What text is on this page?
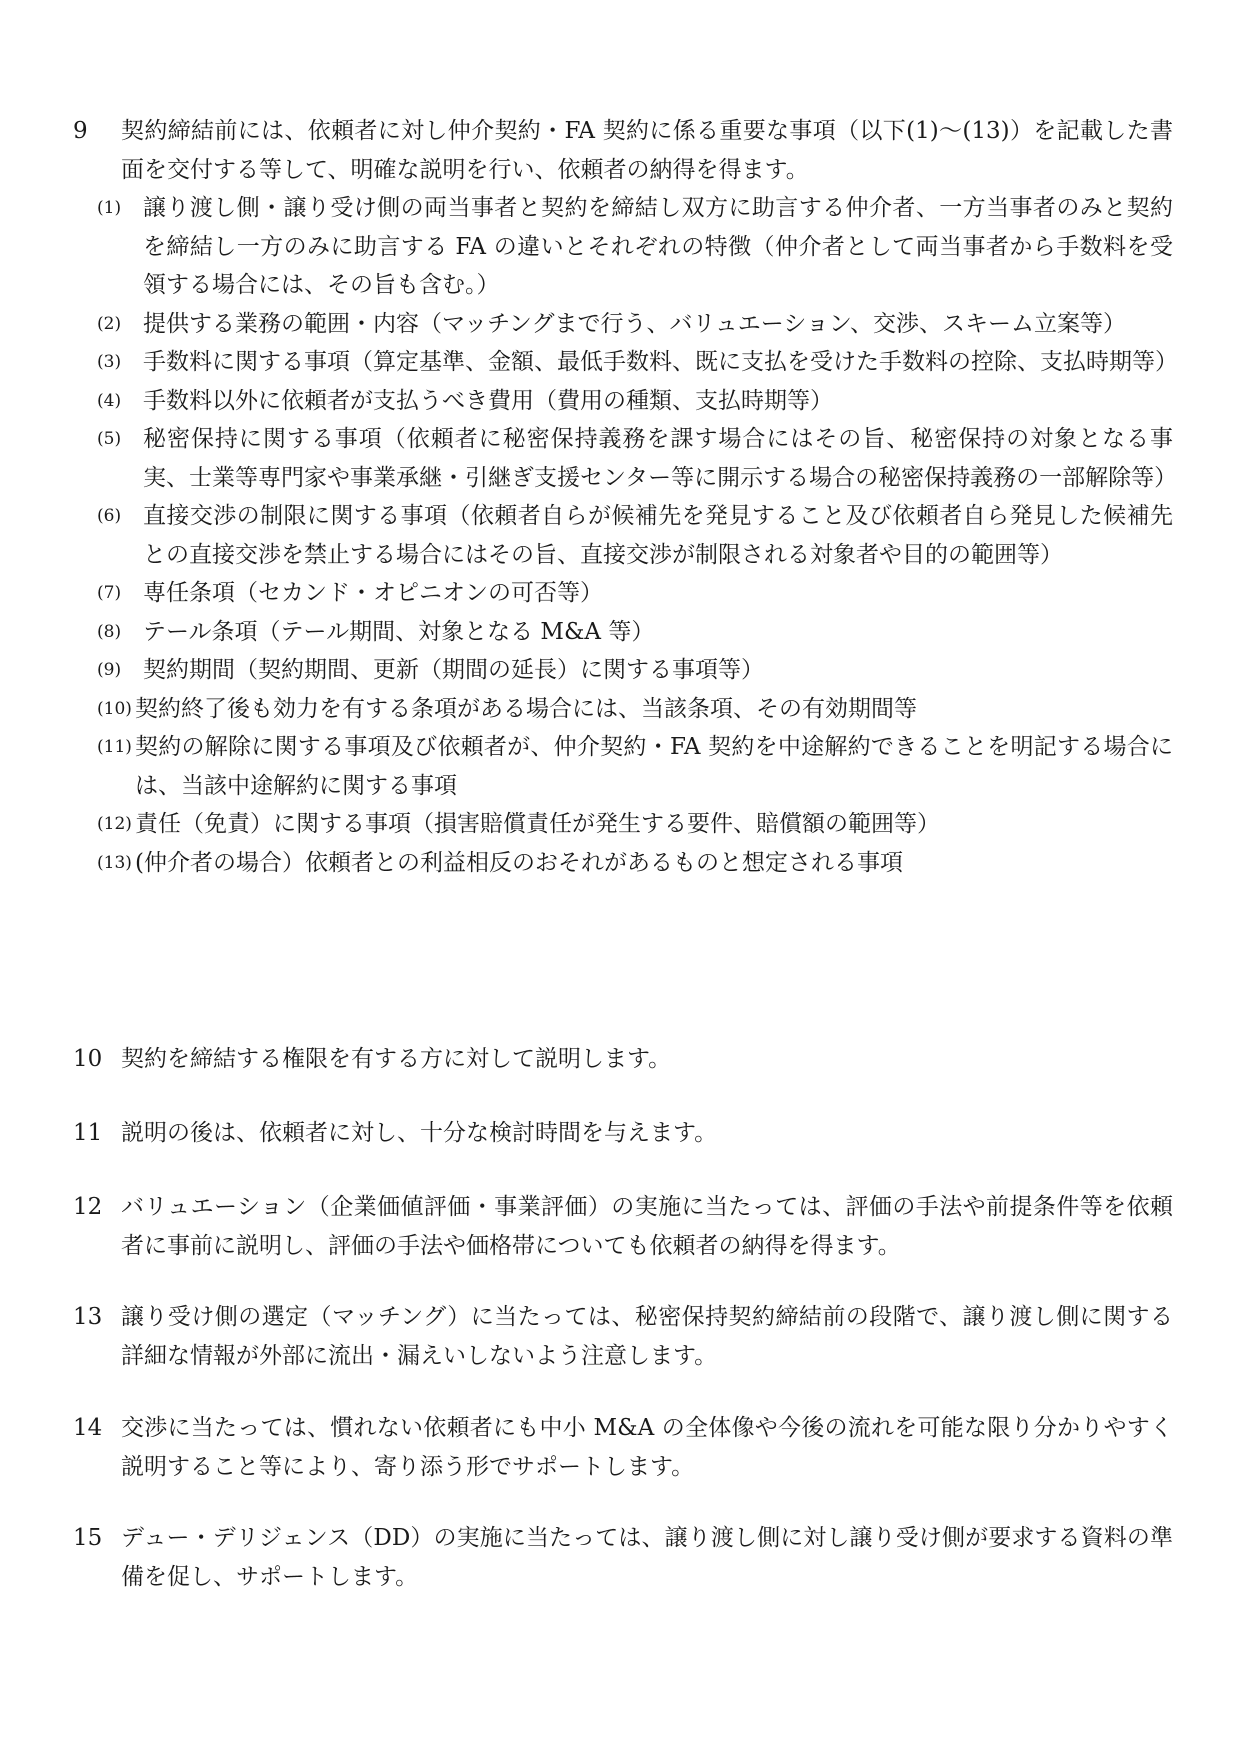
9	契約締結前には、依頼者に対し仲介契約・FA 契約に係る重要な事項（以下(1)～(13)）を記載した書面を交付する等して、明確な説明を行い、依頼者の納得を得ます。
(1) 譲り渡し側・譲り受け側の両当事者と契約を締結し双方に助言する仲介者、一方当事者のみと契約を締結し一方のみに助言する FA の違いとそれぞれの特徴（仲介者として両当事者から手数料を受領する場合には、その旨も含む。）
(2) 提供する業務の範囲・内容（マッチングまで行う、バリュエーション、交渉、スキーム立案等）
(3) 手数料に関する事項（算定基準、金額、最低手数料、既に支払を受けた手数料の控除、支払時期等）
(4) 手数料以外に依頼者が支払うべき費用（費用の種類、支払時期等）
(5) 秘密保持に関する事項（依頼者に秘密保持義務を課す場合にはその旨、秘密保持の対象となる事実、士業等専門家や事業承継・引継ぎ支援センター等に開示する場合の秘密保持義務の一部解除等）
(6) 直接交渉の制限に関する事項（依頼者自らが候補先を発見すること及び依頼者自ら発見した候補先との直接交渉を禁止する場合にはその旨、直接交渉が制限される対象者や目的の範囲等）
(7) 専任条項（セカンド・オピニオンの可否等）
(8) テール条項（テール期間、対象となる M&A 等）
(9) 契約期間（契約期間、更新（期間の延長）に関する事項等）
(10) 契約終了後も効力を有する条項がある場合には、当該条項、その有効期間等
(11) 契約の解除に関する事項及び依頼者が、仲介契約・FA 契約を中途解約できることを明記する場合には、当該中途解約に関する事項
(12) 責任（免責）に関する事項（損害賠償責任が発生する要件、賠償額の範囲等）
(13) (仲介者の場合）依頼者との利益相反のおそれがあるものと想定される事項
10 契約を締結する権限を有する方に対して説明します。
11 説明の後は、依頼者に対し、十分な検討時間を与えます。
12 バリュエーション（企業価値評価・事業評価）の実施に当たっては、評価の手法や前提条件等を依頼者に事前に説明し、評価の手法や価格帯についても依頼者の納得を得ます。
13 譲り受け側の選定（マッチング）に当たっては、秘密保持契約締結前の段階で、譲り渡し側に関する詳細な情報が外部に流出・漏えいしないよう注意します。
14 交渉に当たっては、慣れない依頼者にも中小 M&A の全体像や今後の流れを可能な限り分かりやすく説明すること等により、寄り添う形でサポートします。
15 デュー・デリジェンス（DD）の実施に当たっては、譲り渡し側に対し譲り受け側が要求する資料の準備を促し、サポートします。
